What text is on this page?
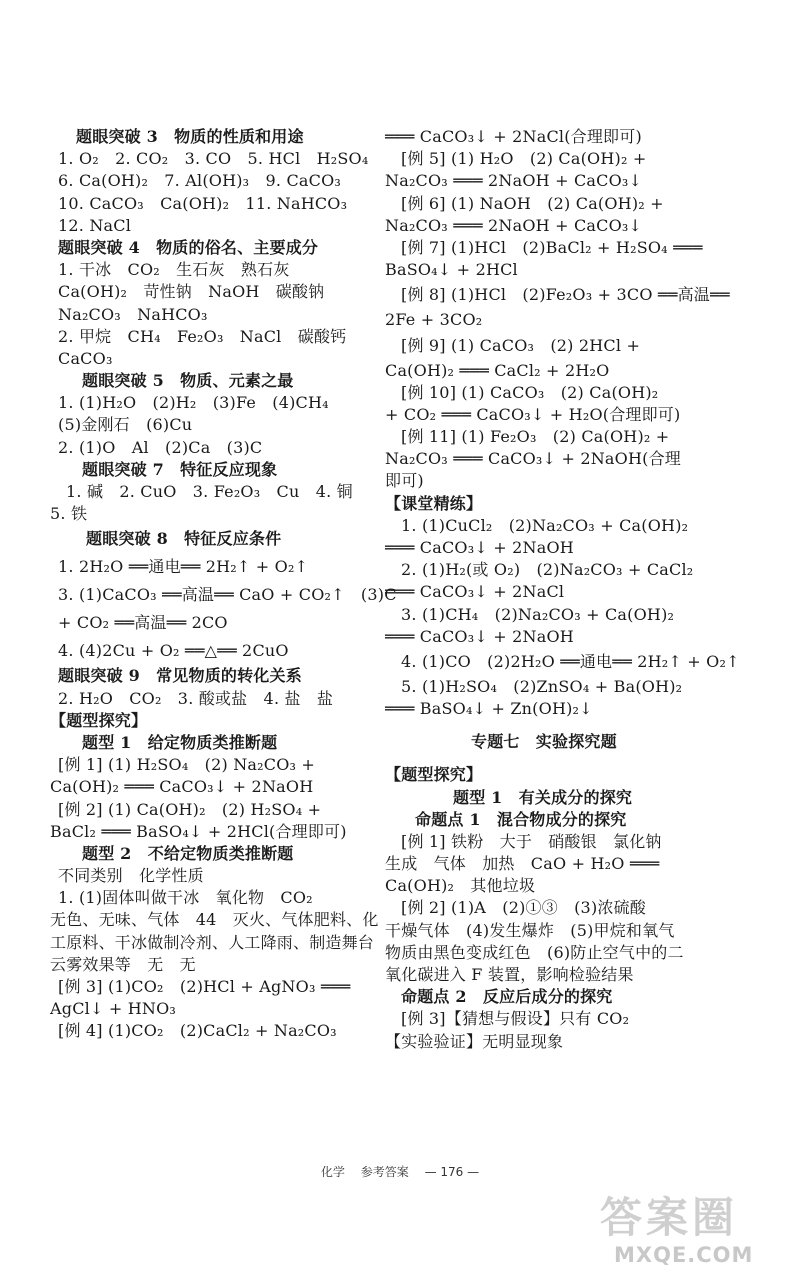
题眼突破 3　物质的性质和用途
1. O₂　2. CO₂　3. CO　5. HCl　H₂SO₄
6. Ca(OH)₂　7. Al(OH)₃　9. CaCO₃
10. CaCO₃　Ca(OH)₂　11. NaHCO₃
12. NaCl
题眼突破 4　物质的俗名、主要成分
1. 干冰　CO₂　生石灰　熟石灰
Ca(OH)₂　苛性钠　NaOH　碳酸钠
Na₂CO₃　NaHCO₃
2. 甲烷　CH₄　Fe₂O₃　NaCl　碳酸钙
CaCO₃
题眼突破 5　物质、元素之最
1. (1)H₂O　(2)H₂　(3)Fe　(4)CH₄
(5)金刚石　(6)Cu
2. (1)O　Al　(2)Ca　(3)C
题眼突破 7　特征反应现象
1. 碱　2. CuO　3. Fe₂O₃　Cu　4. 铜
5. 铁
题眼突破 8　特征反应条件
1. 2H₂O ══通电══ 2H₂↑ + O₂↑
3. (1)CaCO₃ ══高温══ CaO + CO₂↑　(3)C
+ CO₂ ══高温══ 2CO
4. (4)2Cu + O₂ ══△══ 2CuO
题眼突破 9　常见物质的转化关系
2. H₂O　CO₂　3. 酸或盐　4. 盐　盐
【题型探究】
题型 1　给定物质类推断题
[例 1] (1) H₂SO₄　(2) Na₂CO₃ +
Ca(OH)₂ ═══ CaCO₃↓ + 2NaOH
[例 2] (1) Ca(OH)₂　(2) H₂SO₄ +
BaCl₂ ═══ BaSO₄↓ + 2HCl(合理即可)
题型 2　不给定物质类推断题
不同类别　化学性质
1. (1)固体叫做干冰　氧化物　CO₂
无色、无味、气体　44　灭火、气体肥料、化
工原料、干冰做制冷剂、人工降雨、制造舞台
云雾效果等　无　无
[例 3] (1)CO₂　(2)HCl + AgNO₃ ═══
AgCl↓ + HNO₃
[例 4] (1)CO₂　(2)CaCl₂ + Na₂CO₃
═══ CaCO₃↓ + 2NaCl(合理即可)
[例 5] (1) H₂O　(2) Ca(OH)₂ +
Na₂CO₃ ═══ 2NaOH + CaCO₃↓
[例 6] (1) NaOH　(2) Ca(OH)₂ +
Na₂CO₃ ═══ 2NaOH + CaCO₃↓
[例 7] (1)HCl　(2)BaCl₂ + H₂SO₄ ═══
BaSO₄↓ + 2HCl
[例 8] (1)HCl　(2)Fe₂O₃ + 3CO ══高温══
2Fe + 3CO₂
[例 9] (1) CaCO₃　(2) 2HCl +
Ca(OH)₂ ═══ CaCl₂ + 2H₂O
[例 10] (1) CaCO₃　(2) Ca(OH)₂
+ CO₂ ═══ CaCO₃↓ + H₂O(合理即可)
[例 11] (1) Fe₂O₃　(2) Ca(OH)₂ +
Na₂CO₃ ═══ CaCO₃↓ + 2NaOH(合理
即可)
【课堂精练】
1. (1)CuCl₂　(2)Na₂CO₃ + Ca(OH)₂
═══ CaCO₃↓ + 2NaOH
2. (1)H₂(或 O₂)　(2)Na₂CO₃ + CaCl₂
═══ CaCO₃↓ + 2NaCl
3. (1)CH₄　(2)Na₂CO₃ + Ca(OH)₂
═══ CaCO₃↓ + 2NaOH
4. (1)CO　(2)2H₂O ══通电══ 2H₂↑ + O₂↑
5. (1)H₂SO₄　(2)ZnSO₄ + Ba(OH)₂
═══ BaSO₄↓ + Zn(OH)₂↓
专题七　实验探究题
【题型探究】
题型 1　有关成分的探究
命题点 1　混合物成分的探究
[例 1] 铁粉　大于　硝酸银　氯化钠
生成　气体　加热　CaO + H₂O ═══
Ca(OH)₂　其他垃圾
[例 2] (1)A　(2)①③　(3)浓硫酸
干燥气体　(4)发生爆炸　(5)甲烷和氧气
物质由黑色变成红色　(6)防止空气中的二
氧化碳进入 F 装置，影响检验结果
命题点 2　反应后成分的探究
[例 3]【猜想与假设】只有 CO₂
【实验验证】无明显现象
化学 参考答案 — 176 —
答案圈
MXQE.COM
